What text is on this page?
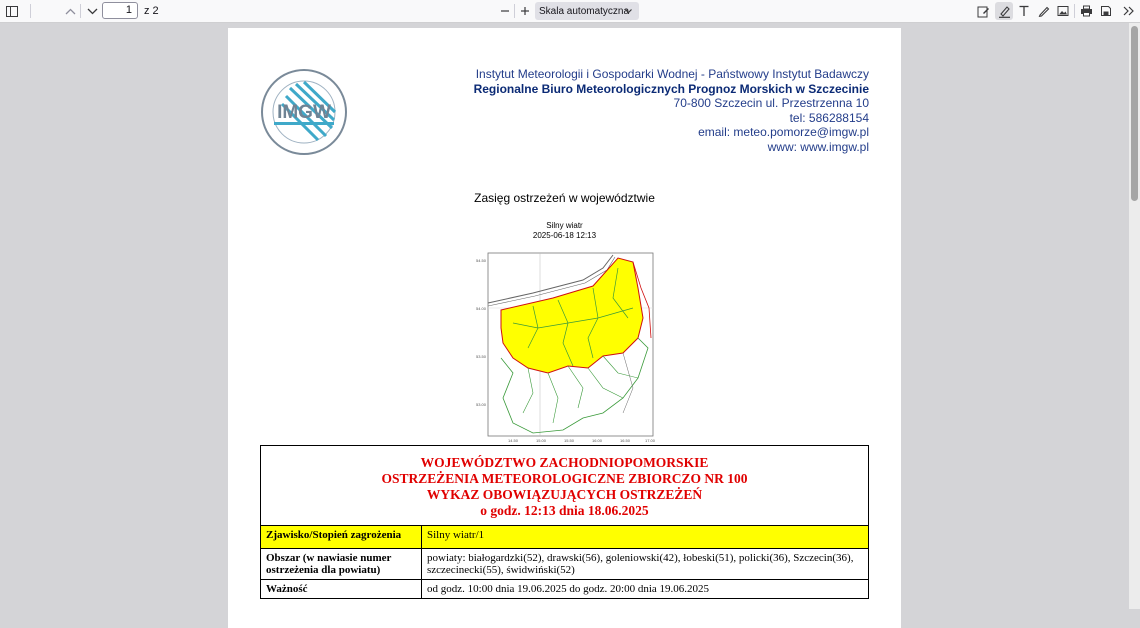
1	z 2	Skala automatyczna
IMGW
Instytut Meteorologii i Gospodarki Wodnej - Państwowy Instytut Badawczy
Regionalne Biuro Meteorologicznych Prognoz Morskich w Szczecinie
70-800 Szczecin ul. Przestrzenna 10
tel: 586288154
email: meteo.pomorze@imgw.pl
www: www.imgw.pl
Zasięg ostrzeżeń w województwie
Silny wiatr
2025-06-18 12:13
54.50
54.00
53.50
53.00
14.50	15.00	15.50	16.00	16.50	17.00
WOJEWÓDZTWO ZACHODNIOPOMORSKIE
OSTRZEŻENIA METEOROLOGICZNE ZBIORCZO NR 100
WYKAZ OBOWIĄZUJĄCYCH OSTRZEŻEŃ
o godz. 12:13 dnia 18.06.2025	

Zjawisko/Stopień zagrożenia	Silny wiatr/1
Obszar (w nawiasie numer ostrzeżenia dla powiatu)	powiaty: białogardzki(52), drawski(56), goleniowski(42), łobeski(51), policki(36), Szczecin(36), szczecinecki(55), świdwiński(52)
Ważność	od godz. 10:00 dnia 19.06.2025 do godz. 20:00 dnia 19.06.2025
